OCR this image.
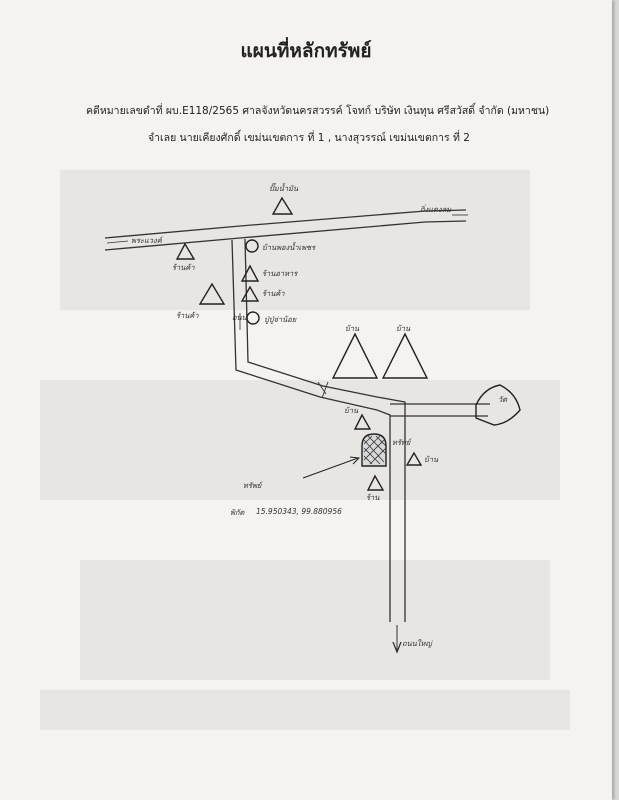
แผนที่หลักทรัพย์
คดีหมายเลขดำที่ ผบ.E118/2565 ศาลจังหวัดนครสวรรค์ โจทก์ บริษัท เงินทุน ศรีสวัสดิ์ จำกัด (มหาชน)
จำเลย นายเคียงศักดิ์ เขม่นเขตการ ที่ 1 , นางสุวรรณ์ เขม่นเขตการ ที่ 2
ปั๊มน้ำมัน
กิ่งแดงลม
พระแวงค์
ร้านค้า
บ้านพองน้ำเพชร
ร้านอาหาร
ร้านค้า
ร้านค้า	ปู่ปู่จ่าน้อย
ถนน
บ้าน	บ้าน
วัด
บ้าน
ทรัพย์
บ้าน
ร้าน
ทรัพย์
พิกัด 15.950343, 99.880956
ถนนใหญ่
